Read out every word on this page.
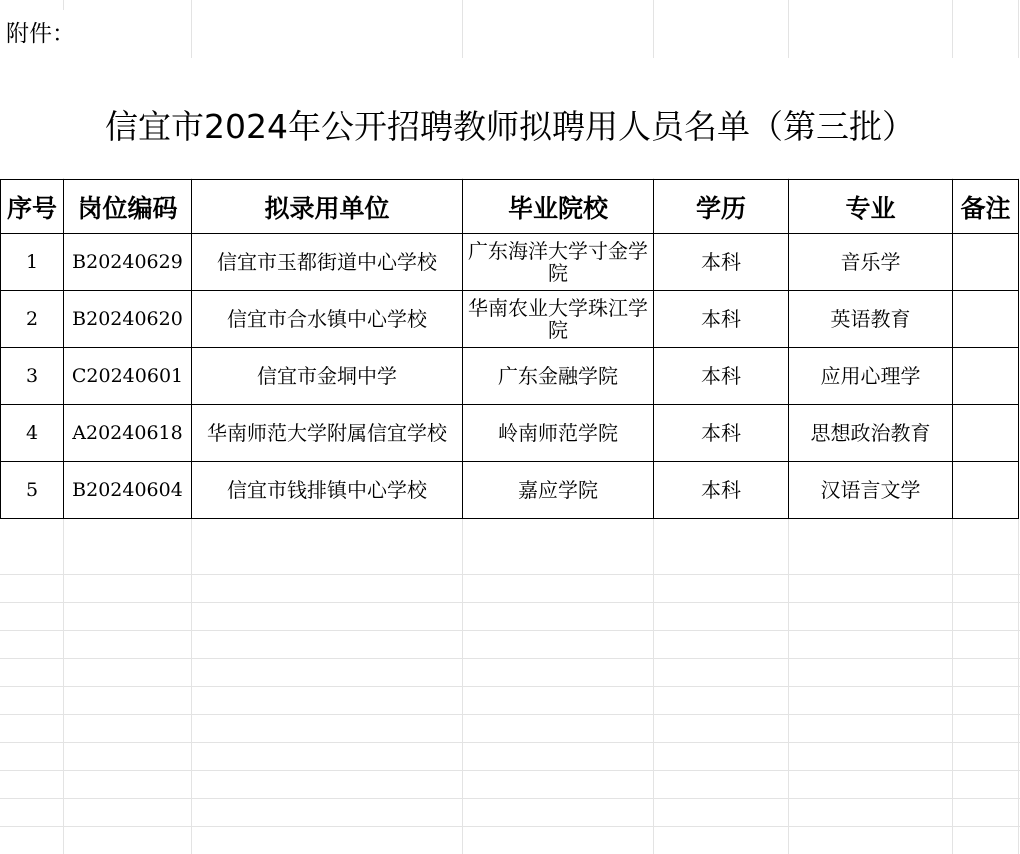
附件：
信宜市2024年公开招聘教师拟聘用人员名单（第三批）
序号	岗位编码	拟录用单位	毕业院校	学历	专业	备注
1	B20240629	信宜市玉都街道中心学校	广东海洋大学寸金学院	本科	音乐学	
2	B20240620	信宜市合水镇中心学校	华南农业大学珠江学院	本科	英语教育	
3	C20240601	信宜市金垌中学	广东金融学院	本科	应用心理学	
4	A20240618	华南师范大学附属信宜学校	岭南师范学院	本科	思想政治教育	
5	B20240604	信宜市钱排镇中心学校	嘉应学院	本科	汉语言文学	
